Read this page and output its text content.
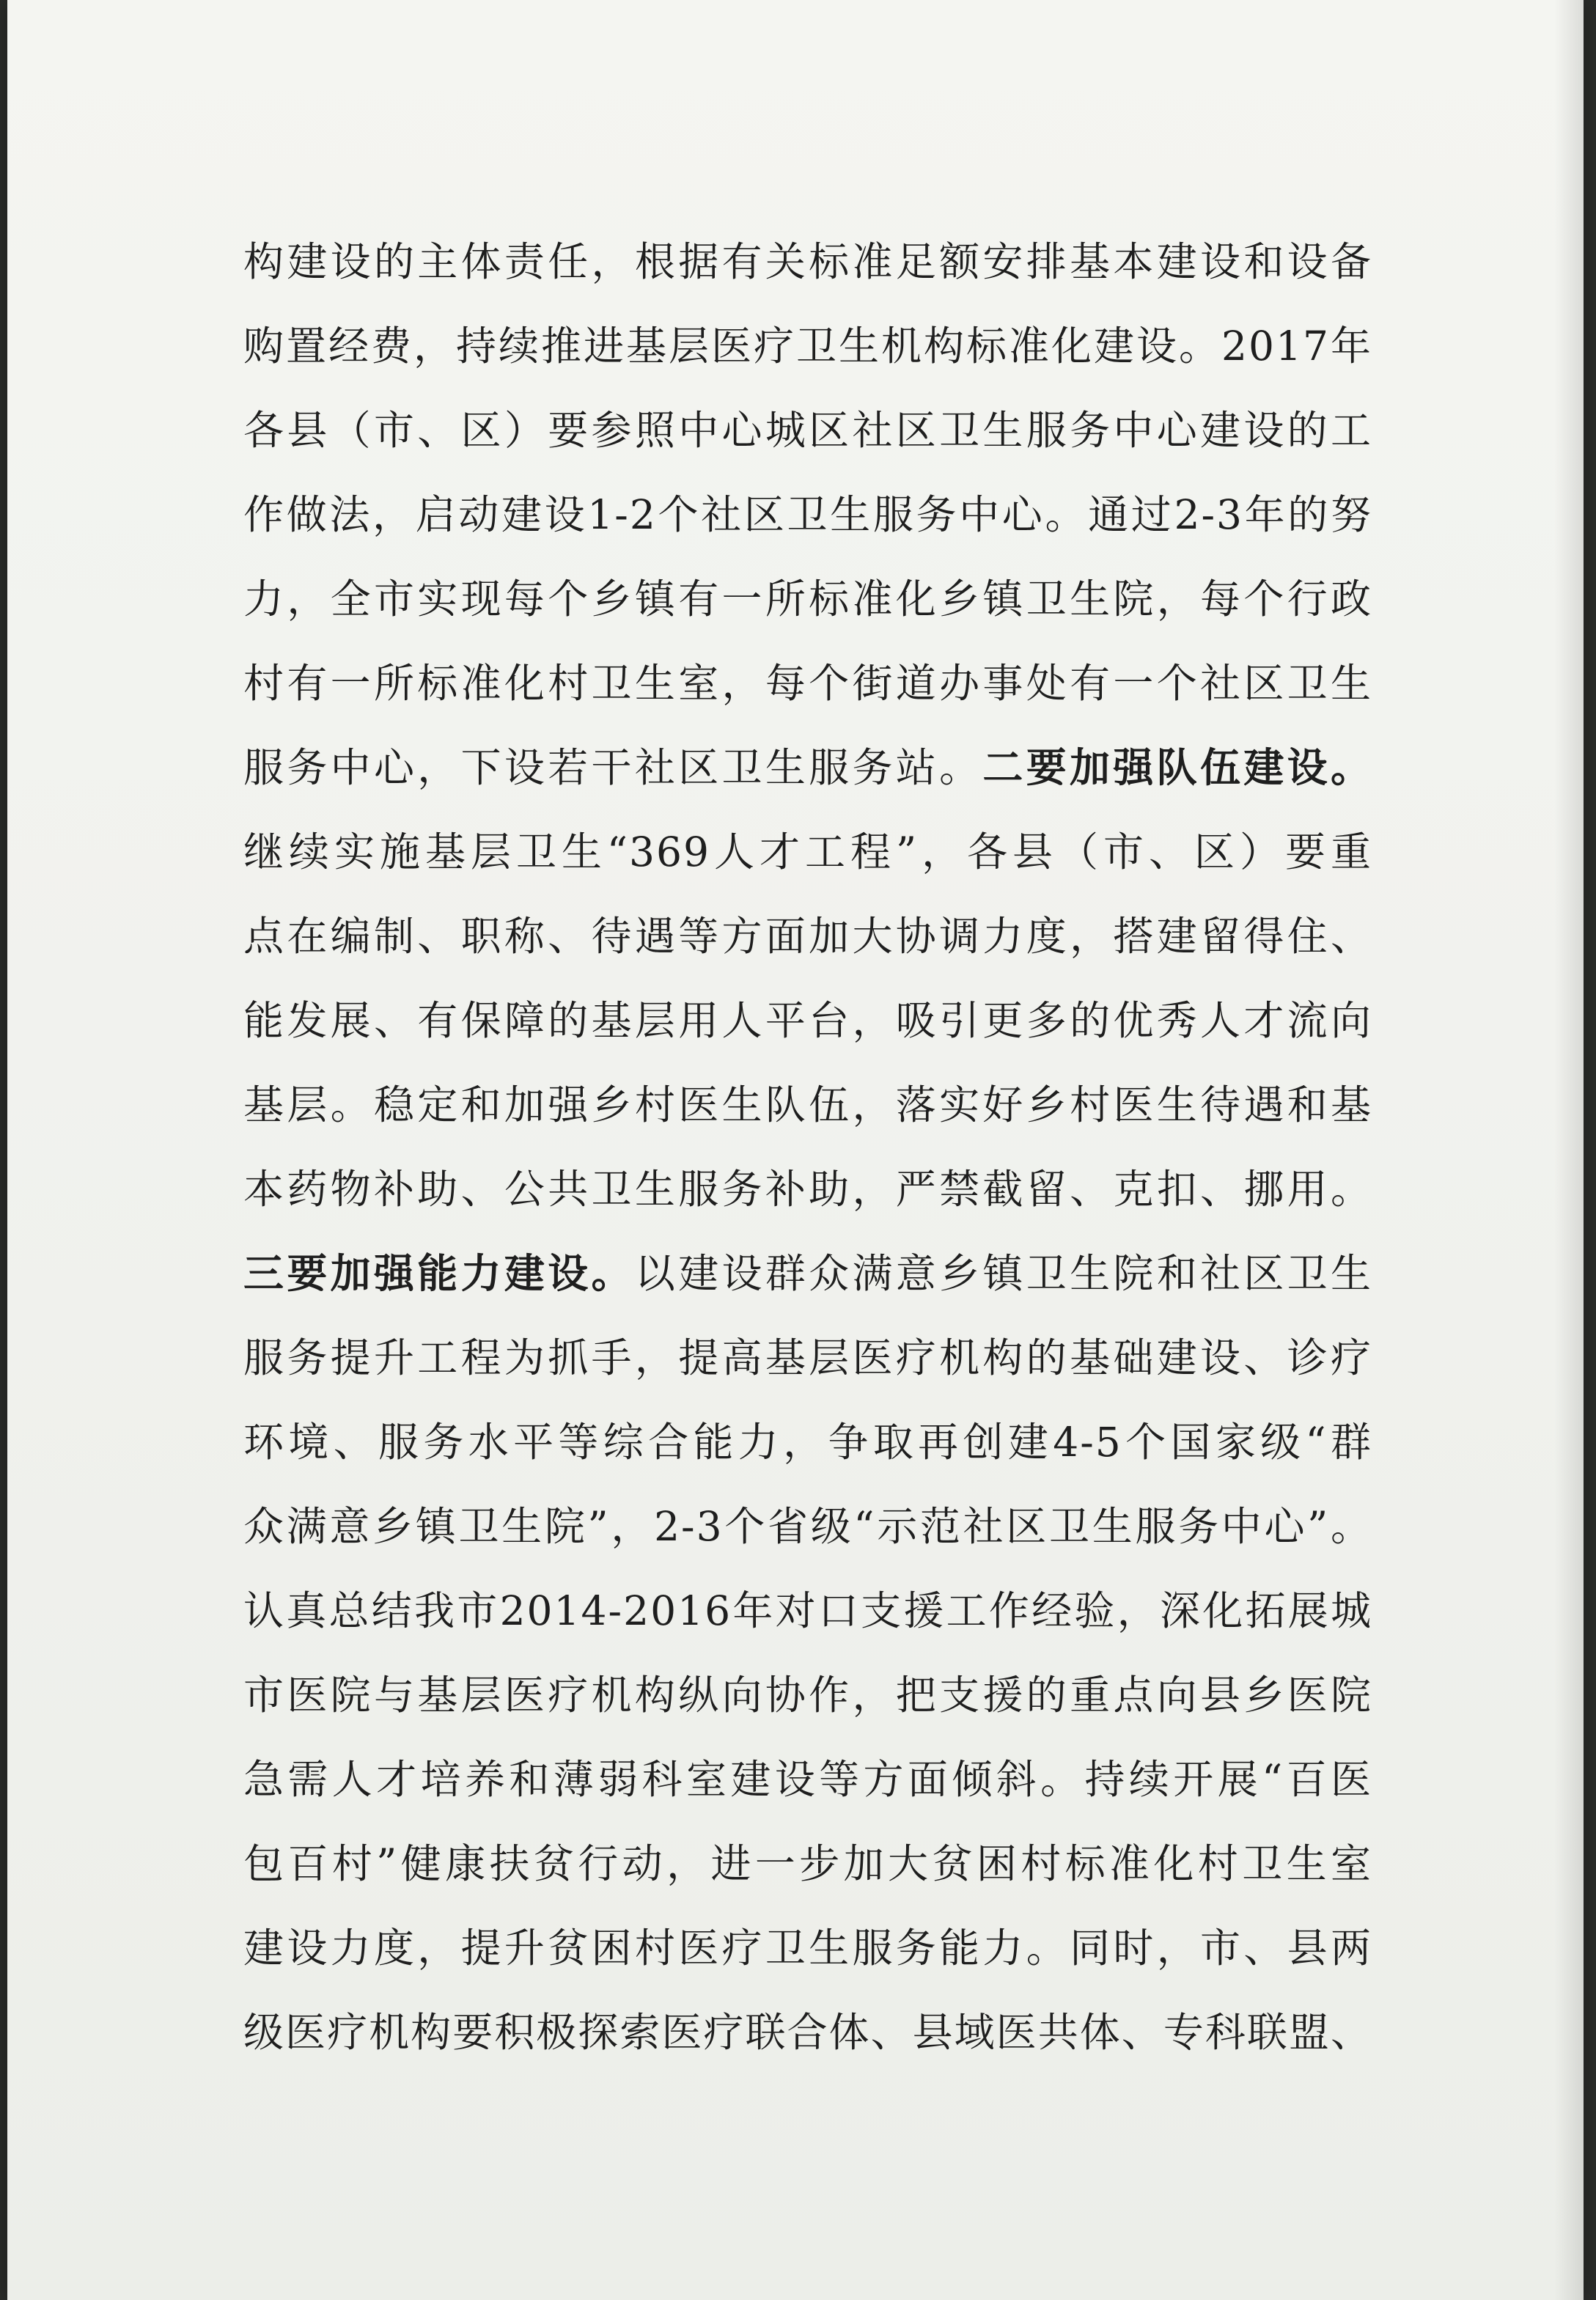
构建设的主体责任，根据有关标准足额安排基本建设和设备
购置经费，持续推进基层医疗卫生机构标准化建设。2017年
各县（市、区）要参照中心城区社区卫生服务中心建设的工
作做法，启动建设1-2个社区卫生服务中心。通过2-3年的努
力，全市实现每个乡镇有一所标准化乡镇卫生院，每个行政
村有一所标准化村卫生室，每个街道办事处有一个社区卫生
服务中心，下设若干社区卫生服务站。二要加强队伍建设。
继续实施基层卫生“369人才工程”，各县（市、区）要重
点在编制、职称、待遇等方面加大协调力度，搭建留得住、
能发展、有保障的基层用人平台，吸引更多的优秀人才流向
基层。稳定和加强乡村医生队伍，落实好乡村医生待遇和基
本药物补助、公共卫生服务补助，严禁截留、克扣、挪用。
三要加强能力建设。以建设群众满意乡镇卫生院和社区卫生
服务提升工程为抓手，提高基层医疗机构的基础建设、诊疗
环境、服务水平等综合能力，争取再创建4-5个国家级“群
众满意乡镇卫生院”，2-3个省级“示范社区卫生服务中心”。
认真总结我市2014-2016年对口支援工作经验，深化拓展城
市医院与基层医疗机构纵向协作，把支援的重点向县乡医院
急需人才培养和薄弱科室建设等方面倾斜。持续开展“百医
包百村”健康扶贫行动，进一步加大贫困村标准化村卫生室
建设力度，提升贫困村医疗卫生服务能力。同时，市、县两
级医疗机构要积极探索医疗联合体、县域医共体、专科联盟、
